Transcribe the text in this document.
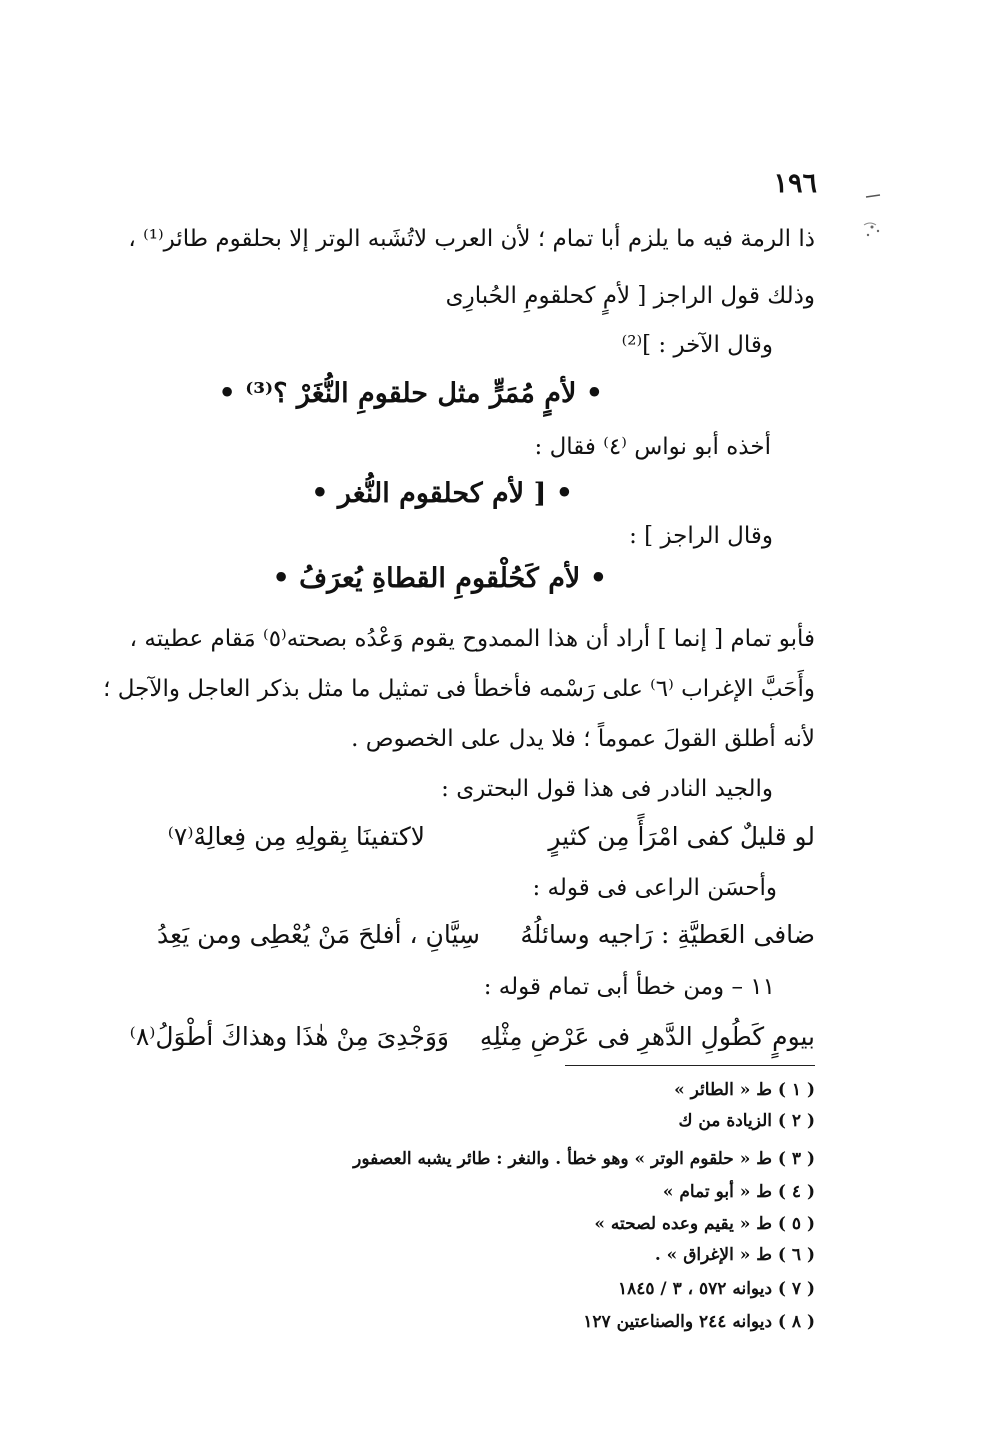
١٩٦
ذا الرمة فيه ما يلزم أبا تمام ؛ لأن العرب لاتُشَبه الوتر إلا بحلقوم طائر⁽¹⁾ ،
وذلك قول الراجز [ لأمٍ كحلقومِ الحُبارِى
وقال الآخر : ]⁽²⁾
• لأمٍ مُمَرٍّ مثل حلقومِ النُّغَرْ ؟⁽³⁾ •
أخذه أبو نواس ⁽٤⁾ فقال :
• [ لأم كحلقوم النُّغر •
وقال الراجز ] :
• لأم كَحُلْقومِ القطاةِ يُعرَفُ •
فأبو تمام [ إنما ] أراد أن هذا الممدوح يقوم وَعْدُه بصحته⁽٥⁾ مَقام عطيته ،
وأَحَبَّ الإغراب ⁽٦⁾ على رَسْمه فأخطأ فى تمثيل ما مثل بذكر العاجل والآجل ؛
لأنه أطلق القولَ عموماً ؛ فلا يدل على الخصوص .
والجيد النادر فى هذا قول البحترى :
لو قليلٌ كفى امْرَأً مِن كثيرٍ
لاكتفينَا بِقولِهِ مِن فِعالِهْ⁽٧⁾
وأحسَن الراعى فى قوله :
ضافى العَطيَّةِ : رَاجيه وسائلُهُ
سِيَّانِ ، أفلحَ مَنْ يُعْطِى ومن يَعِدُ
١١ – ومن خطأ أبى تمام قوله :
بيومٍ كَطُولِ الدَّهرِ فى عَرْضِ مِثْلِهِ
وَوَجْدِىَ مِنْ هٰذَا وهذاكَ أطْوَلُ⁽٨⁾
( ١ ) ط « الطائر »
( ٢ ) الزيادة من ك
( ٣ ) ط « حلقوم الوتر » وهو خطأ . والنغر : طائر يشبه العصفور
( ٤ ) ط « أبو تمام »
( ٥ ) ط « يقيم وعده لصحته »
( ٦ ) ط « الإغراق » .
( ٧ ) ديوانه ٥٧٢ ، ٣ / ١٨٤٥
( ٨ ) ديوانه ٢٤٤ والصناعتين ١٢٧
